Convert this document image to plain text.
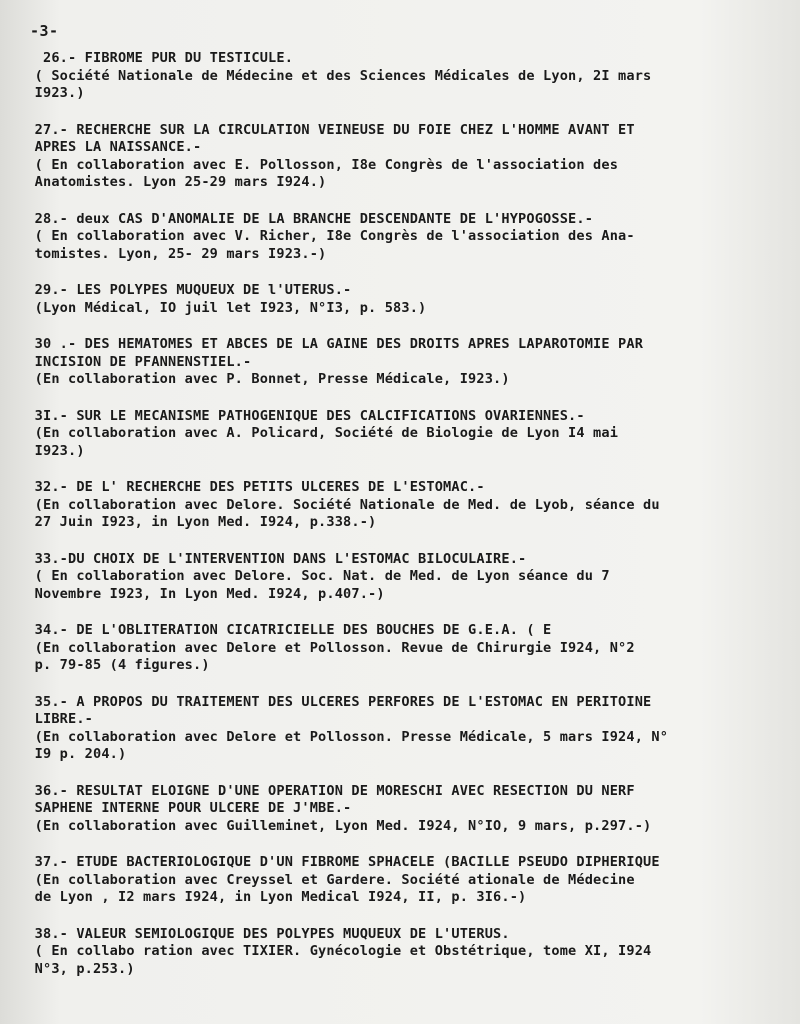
-3-
26.- FIBROME PUR DU TESTICULE.
( Société Nationale de Médecine et des Sciences Médicales de Lyon, 2I mars
I923.)
27.- RECHERCHE SUR LA CIRCULATION VEINEUSE DU FOIE CHEZ L'HOMME AVANT ET
APRES LA NAISSANCE.-
( En collaboration avec E. Pollosson, I8e Congrès de l'association des
Anatomistes. Lyon 25-29 mars I924.)
28.- deux CAS D'ANOMALIE DE LA BRANCHE DESCENDANTE DE L'HYPOGOSSE.-
( En collaboration avec V. Richer, I8e Congrès de l'association des Ana-
tomistes. Lyon, 25- 29 mars I923.-)
29.- LES POLYPES MUQUEUX DE l'UTERUS.-
(Lyon Médical, IO juil let I923, N°I3, p. 583.)
30 .- DES HEMATOMES ET ABCES DE LA GAINE DES DROITS APRES LAPAROTOMIE PAR
INCISION DE PFANNENSTIEL.-
(En collaboration avec P. Bonnet, Presse Médicale, I923.)
3I.- SUR LE MECANISME PATHOGENIQUE DES CALCIFICATIONS OVARIENNES.-
(En collaboration avec A. Policard, Société de Biologie de Lyon I4 mai
I923.)
32.- DE L' RECHERCHE DES PETITS ULCERES DE L'ESTOMAC.-
(En collaboration avec Delore. Société Nationale de Med. de Lyob, séance du
27 Juin I923, in Lyon Med. I924, p.338.-)
33.-DU CHOIX DE L'INTERVENTION DANS L'ESTOMAC BILOCULAIRE.-
( En collaboration avec Delore. Soc. Nat. de Med. de Lyon séance du 7
Novembre I923, In Lyon Med. I924, p.407.-)
34.- DE L'OBLITERATION CICATRICIELLE DES BOUCHES DE G.E.A. ( E
(En collaboration avec Delore et Pollosson. Revue de Chirurgie I924, N°2
p. 79-85 (4 figures.)
35.- A PROPOS DU TRAITEMENT DES ULCERES PERFORES DE L'ESTOMAC EN PERITOINE
LIBRE.-
(En collaboration avec Delore et Pollosson. Presse Médicale, 5 mars I924, N°
I9 p. 204.)
36.- RESULTAT ELOIGNE D'UNE OPERATION DE MORESCHI AVEC RESECTION DU NERF
SAPHENE INTERNE POUR ULCERE DE J'MBE.-
(En collaboration avec Guilleminet, Lyon Med. I924, N°IO, 9 mars, p.297.-)
37.- ETUDE BACTERIOLOGIQUE D'UN FIBROME SPHACELE (BACILLE PSEUDO DIPHERIQUE
(En collaboration avec Creyssel et Gardere. Société ationale de Médecine
de Lyon , I2 mars I924, in Lyon Medical I924, II, p. 3I6.-)
38.- VALEUR SEMIOLOGIQUE DES POLYPES MUQUEUX DE L'UTERUS.
( En collabo ration avec TIXIER. Gynécologie et Obstétrique, tome XI, I924
N°3, p.253.)
